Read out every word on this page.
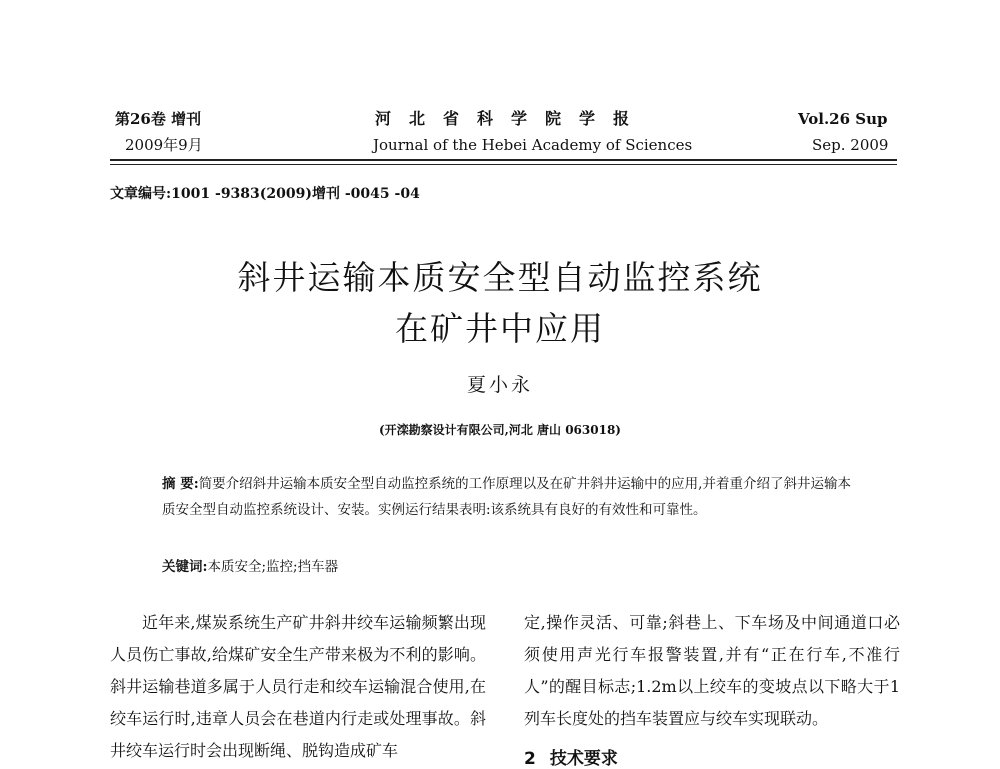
第26卷 增刊
2009年9月
河北省科学院学报
Journal of the Hebei Academy of Sciences
Vol.26 Sup
Sep. 2009
文章编号:1001 -9383(2009)增刊 -0045 -04
斜井运输本质安全型自动监控系统
在矿井中应用
夏小永
(开滦勘察设计有限公司,河北 唐山 063018)
摘 要:简要介绍斜井运输本质安全型自动监控系统的工作原理以及在矿井斜井运输中的应用,并着重介绍了斜井运输本质安全型自动监控系统设计、安装。实例运行结果表明:该系统具有良好的有效性和可靠性。
关键词:本质安全;监控;挡车器

近年来,煤炭系统生产矿井斜井绞车运输频繁出现人员伤亡事故,给煤矿安全生产带来极为不利的影响。斜井运输巷道多属于人员行走和绞车运输混合使用,在绞车运行时,违章人员会在巷道内行走或处理事故。斜井绞车运行时会出现断绳、脱钩造成矿车

定,操作灵活、可靠;斜巷上、下车场及中间通道口必须使用声光行车报警装置,并有“正在行车,不准行人”的醒目标志;1.2m以上绞车的变坡点以下略大于1列车长度处的挡车装置应与绞车实现联动。

2 技术要求
